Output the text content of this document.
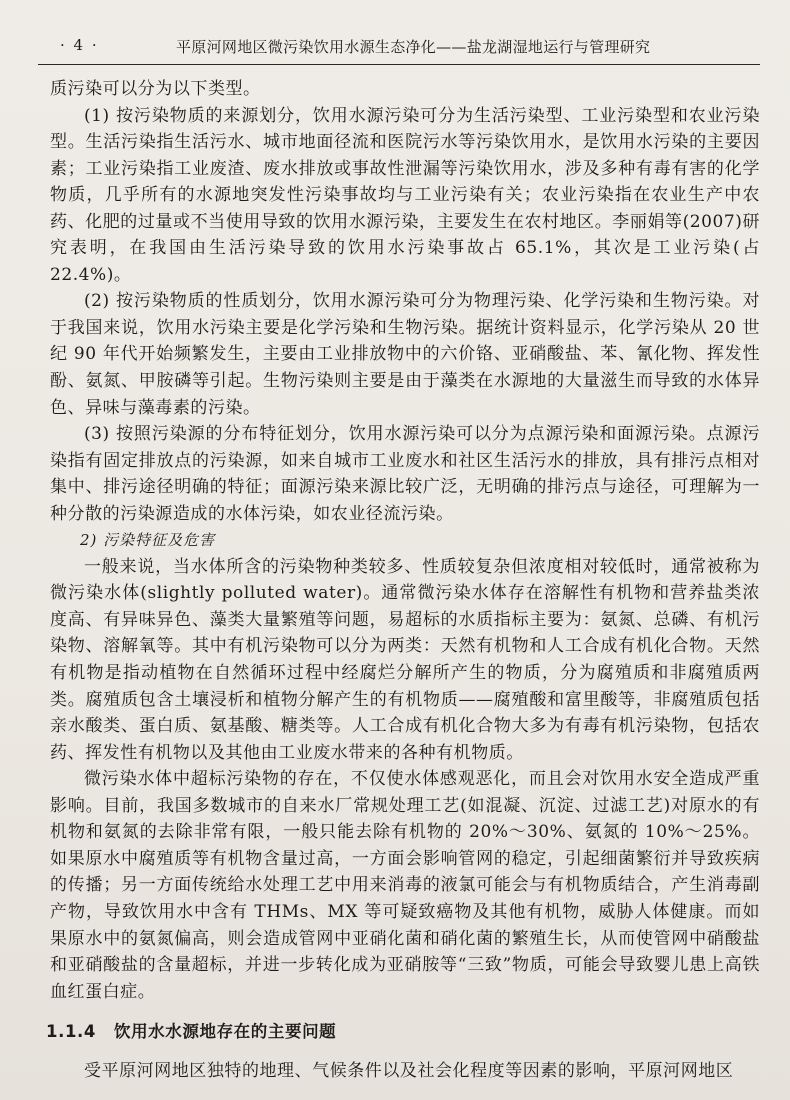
· 4 ·	平原河网地区微污染饮用水源生态净化——盐龙湖湿地运行与管理研究

质污染可以分为以下类型。

(1) 按污染物质的来源划分，饮用水源污染可分为生活污染型、工业污染型和农业污染型。生活污染指生活污水、城市地面径流和医院污水等污染饮用水，是饮用水污染的主要因素；工业污染指工业废渣、废水排放或事故性泄漏等污染饮用水，涉及多种有毒有害的化学物质，几乎所有的水源地突发性污染事故均与工业污染有关；农业污染指在农业生产中农药、化肥的过量或不当使用导致的饮用水源污染，主要发生在农村地区。李丽娟等(2007)研究表明，在我国由生活污染导致的饮用水污染事故占 65.1%，其次是工业污染(占 22.4%)。

(2) 按污染物质的性质划分，饮用水源污染可分为物理污染、化学污染和生物污染。对于我国来说，饮用水污染主要是化学污染和生物污染。据统计资料显示，化学污染从 20 世纪 90 年代开始频繁发生，主要由工业排放物中的六价铬、亚硝酸盐、苯、氰化物、挥发性酚、氨氮、甲胺磷等引起。生物污染则主要是由于藻类在水源地的大量滋生而导致的水体异色、异味与藻毒素的污染。

(3) 按照污染源的分布特征划分，饮用水源污染可以分为点源污染和面源污染。点源污染指有固定排放点的污染源，如来自城市工业废水和社区生活污水的排放，具有排污点相对集中、排污途径明确的特征；面源污染来源比较广泛，无明确的排污点与途径，可理解为一种分散的污染源造成的水体污染，如农业径流污染。

2) 污染特征及危害

一般来说，当水体所含的污染物种类较多、性质较复杂但浓度相对较低时，通常被称为微污染水体(slightly polluted water)。通常微污染水体存在溶解性有机物和营养盐类浓度高、有异味异色、藻类大量繁殖等问题，易超标的水质指标主要为：氨氮、总磷、有机污染物、溶解氧等。其中有机污染物可以分为两类：天然有机物和人工合成有机化合物。天然有机物是指动植物在自然循环过程中经腐烂分解所产生的物质，分为腐殖质和非腐殖质两类。腐殖质包含土壤浸析和植物分解产生的有机物质——腐殖酸和富里酸等，非腐殖质包括亲水酸类、蛋白质、氨基酸、糖类等。人工合成有机化合物大多为有毒有机污染物，包括农药、挥发性有机物以及其他由工业废水带来的各种有机物质。

微污染水体中超标污染物的存在，不仅使水体感观恶化，而且会对饮用水安全造成严重影响。目前，我国多数城市的自来水厂常规处理工艺(如混凝、沉淀、过滤工艺)对原水的有机物和氨氮的去除非常有限，一般只能去除有机物的 20%～30%、氨氮的 10%～25%。如果原水中腐殖质等有机物含量过高，一方面会影响管网的稳定，引起细菌繁衍并导致疾病的传播；另一方面传统给水处理工艺中用来消毒的液氯可能会与有机物质结合，产生消毒副产物，导致饮用水中含有 THMs、MX 等可疑致癌物及其他有机物，威胁人体健康。而如果原水中的氨氮偏高，则会造成管网中亚硝化菌和硝化菌的繁殖生长，从而使管网中硝酸盐和亚硝酸盐的含量超标，并进一步转化成为亚硝胺等“三致”物质，可能会导致婴儿患上高铁血红蛋白症。

1.1.4 饮用水水源地存在的主要问题

受平原河网地区独特的地理、气候条件以及社会化程度等因素的影响，平原河网地区
